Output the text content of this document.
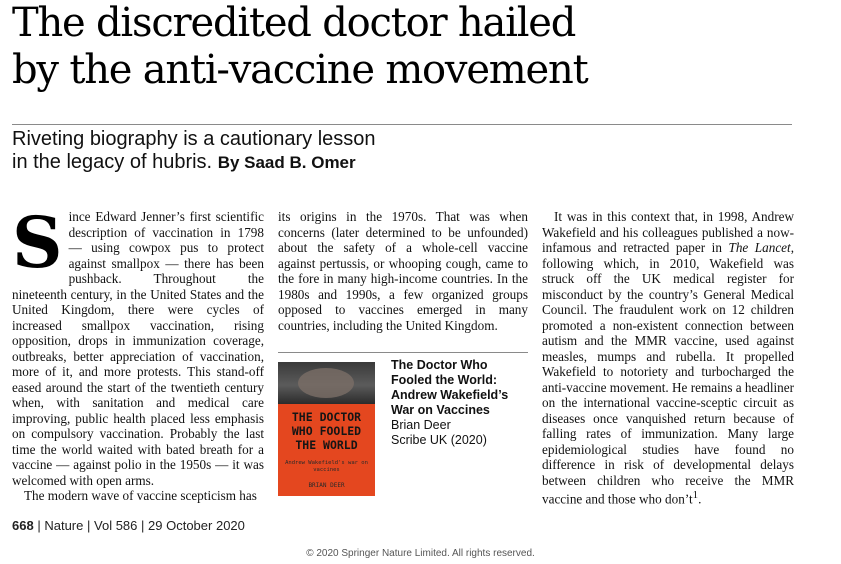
The discredited doctor hailed
by the anti-vaccine movement

Riveting biography is a cautionary lesson
in the legacy of hubris. By Saad B. Omer

S ince Edward Jenner’s first scientific description of vaccination in 1798 — using cowpox pus to protect against smallpox — there has been pushback. Throughout the nineteenth century, in the United States and the United Kingdom, there were cycles of increased smallpox vaccination, rising opposition, drops in immunization coverage, outbreaks, better appreciation of vaccination, more of it, and more protests. This stand-off eased around the start of the twentieth century when, with sanitation and medical care improving, public health placed less emphasis on compulsory vaccination. Probably the last time the world waited with bated breath for a vaccine — against polio in the 1950s — it was welcomed with open arms.

The modern wave of vaccine scepticism has

its origins in the 1970s. That was when concerns (later determined to be unfounded) about the safety of a whole-cell vaccine against pertussis, or whooping cough, came to the fore in many high-income countries. In the 1980s and 1990s, a few organized groups opposed to vaccines emerged in many countries, including the United Kingdom.

THE DOCTOR
WHO FOOLED
THE WORLD
Andrew Wakefield's war on vaccines
BRIAN DEER
The Doctor Who
Fooled the World:
Andrew Wakefield’s
War on Vaccines
Brian Deer
Scribe UK (2020)

It was in this context that, in 1998, Andrew Wakefield and his colleagues published a now-infamous and retracted paper in The Lancet, following which, in 2010, Wakefield was struck off the UK medical register for misconduct by the country’s General Medical Council. The fraudulent work on 12 children promoted a non-existent connection between autism and the MMR vaccine, used against measles, mumps and rubella. It propelled Wakefield to notoriety and turbocharged the anti-vaccine movement. He remains a headliner on the international vaccine-sceptic circuit as diseases once vanquished return because of falling rates of immunization. Many large epidemiological studies have found no difference in risk of developmental delays between children who receive the MMR vaccine and those who $don’t^1$.

668 | Nature | Vol 586 | 29 October 2020
© 2020 Springer Nature Limited. All rights reserved.
